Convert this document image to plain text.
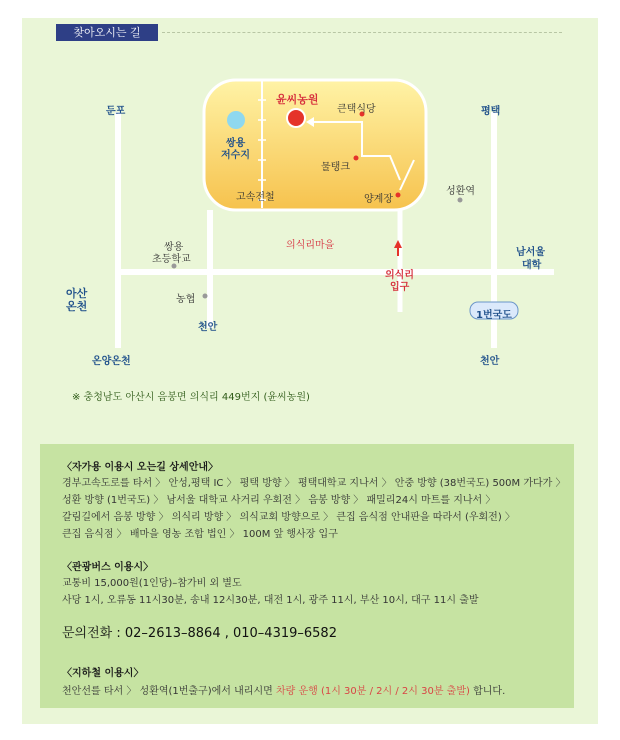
찾아오시는 길
둔포	평택
윤씨농원
큰택식당
쌍용
저수지
물탱크
고속전철	양계장
성환역
의식리마을
쌍용
초등학교
남서울
대학
의식리
입구
아산
온천
농협
1번국도
천안
온양온천	천안
※ 충청남도 아산시 음봉면 의식리 449번지 (윤씨농원)
〈자가용 이용시 오는길 상세안내〉
경부고속도로를 타서 〉 안성,평택 IC 〉 평택 방향 〉 평택대학교 지나서 〉 안중 방향 (38번국도) 500M 가다가 〉
성환 방향 (1번국도) 〉 남서울 대학교 사거리 우회전 〉 음봉 방향 〉 패밀리24시 마트를 지나서 〉
갈림길에서 음봉 방향 〉 의식리 방향 〉 의식교회 방향으로 〉 큰집 음식점 안내판을 따라서 (우회전) 〉
큰집 음식점 〉 배마을 영농 조합 법인 〉 100M 앞 행사장 입구
〈관광버스 이용시〉
교통비 15,000원(1인당)–참가비 외 별도
사당 1시, 오류동 11시30분, 송내 12시30분, 대전 1시, 광주 11시, 부산 10시, 대구 11시 출발
문의전화 : 02–2613–8864 , 010–4319–6582
〈지하철 이용시〉
천안선를 타서 〉 성환역(1번출구)에서 내리시면 차량 운행 (1시 30분 / 2시 / 2시 30분 출발) 합니다.
